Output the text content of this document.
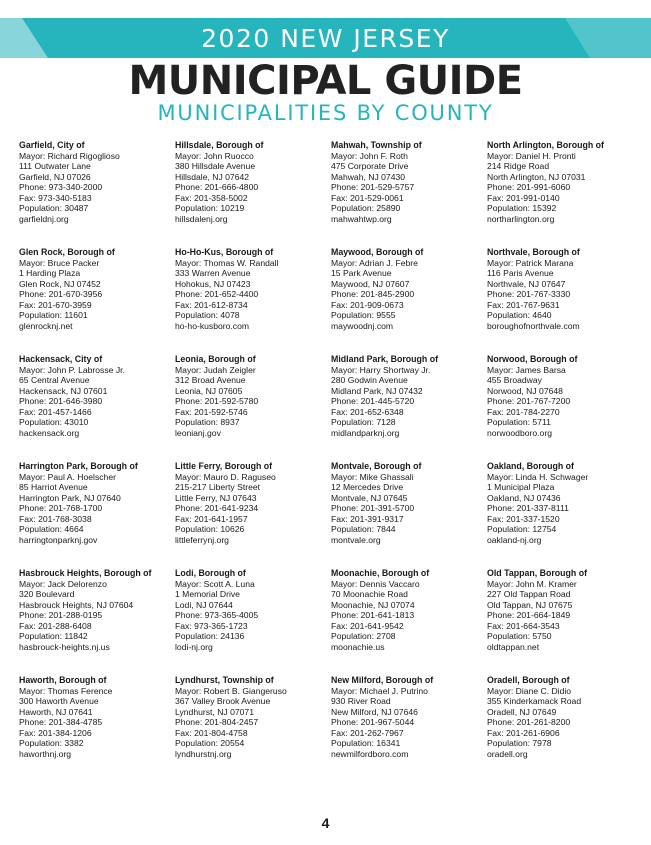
2020 NEW JERSEY
MUNICIPAL GUIDE
MUNICIPALITIES BY COUNTY
Garfield, City of
Mayor: Richard Rigoglioso
111 Outwater Lane
Garfield, NJ 07026
Phone: 973-340-2000
Fax: 973-340-5183
Population: 30487
garfieldnj.org
Hillsdale, Borough of
Mayor: John Ruocco
380 Hillsdale Avenue
Hillsdale, NJ 07642
Phone: 201-666-4800
Fax: 201-358-5002
Population: 10219
hillsdalenj.org
Mahwah, Township of
Mayor: John F. Roth
475 Corporate Drive
Mahwah, NJ 07430
Phone: 201-529-5757
Fax: 201-529-0061
Population: 25890
mahwahtwp.org
North Arlington, Borough of
Mayor: Daniel H. Pronti
214 Ridge Road
North Arlington, NJ 07031
Phone: 201-991-6060
Fax: 201-991-0140
Population: 15392
northarlington.org
Glen Rock, Borough of
Mayor: Bruce Packer
1 Harding Plaza
Glen Rock, NJ 07452
Phone: 201-670-3956
Fax: 201-670-3959
Population: 11601
glenrocknj.net
Ho-Ho-Kus, Borough of
Mayor: Thomas W. Randall
333 Warren Avenue
Hohokus, NJ 07423
Phone: 201-652-4400
Fax: 201-612-8734
Population: 4078
ho-ho-kusboro.com
Maywood, Borough of
Mayor: Adrian J. Febre
15 Park Avenue
Maywood, NJ 07607
Phone: 201-845-2900
Fax: 201-909-0673
Population: 9555
maywoodnj.com
Northvale, Borough of
Mayor: Patrick Marana
116 Paris Avenue
Northvale, NJ 07647
Phone: 201-767-3330
Fax: 201-767-9631
Population: 4640
boroughofnorthvale.com
Hackensack, City of
Mayor: John P. Labrosse Jr.
65 Central Avenue
Hackensack, NJ 07601
Phone: 201-646-3980
Fax: 201-457-1466
Population: 43010
hackensack.org
Leonia, Borough of
Mayor: Judah Zeigler
312 Broad Avenue
Leonia, NJ 07605
Phone: 201-592-5780
Fax: 201-592-5746
Population: 8937
leonianj.gov
Midland Park, Borough of
Mayor: Harry Shortway Jr.
280 Godwin Avenue
Midland Park, NJ 07432
Phone: 201-445-5720
Fax: 201-652-6348
Population: 7128
midlandparknj.org
Norwood, Borough of
Mayor: James Barsa
455 Broadway
Norwood, NJ 07648
Phone: 201-767-7200
Fax: 201-784-2270
Population: 5711
norwoodboro.org
Harrington Park, Borough of
Mayor: Paul A. Hoelscher
85 Harriot Avenue
Harrington Park, NJ 07640
Phone: 201-768-1700
Fax: 201-768-3038
Population: 4664
harringtonparknj.gov
Little Ferry, Borough of
Mayor: Mauro D. Raguseo
215-217 Liberty Street
Little Ferry, NJ 07643
Phone: 201-641-9234
Fax: 201-641-1957
Population: 10626
littleferrynj.org
Montvale, Borough of
Mayor: Mike Ghassali
12 Mercedes Drive
Montvale, NJ 07645
Phone: 201-391-5700
Fax: 201-391-9317
Population: 7844
montvale.org
Oakland, Borough of
Mayor: Linda H. Schwager
1 Municipal Plaza
Oakland, NJ 07436
Phone: 201-337-8111
Fax: 201-337-1520
Population: 12754
oakland-nj.org
Hasbrouck Heights, Borough of
Mayor: Jack Delorenzo
320 Boulevard
Hasbrouck Heights, NJ 07604
Phone: 201-288-0195
Fax: 201-288-6408
Population: 11842
hasbrouck-heights.nj.us
Lodi, Borough of
Mayor: Scott A. Luna
1 Memorial Drive
Lodi, NJ 07644
Phone: 973-365-4005
Fax: 973-365-1723
Population: 24136
lodi-nj.org
Moonachie, Borough of
Mayor: Dennis Vaccaro
70 Moonachie Road
Moonachie, NJ 07074
Phone: 201-641-1813
Fax: 201-641-9542
Population: 2708
moonachie.us
Old Tappan, Borough of
Mayor: John M. Kramer
227 Old Tappan Road
Old Tappan, NJ 07675
Phone: 201-664-1849
Fax: 201-664-3543
Population: 5750
oldtappan.net
Haworth, Borough of
Mayor: Thomas Ference
300 Haworth Avenue
Haworth, NJ 07641
Phone: 201-384-4785
Fax: 201-384-1206
Population: 3382
haworthnj.org
Lyndhurst, Township of
Mayor: Robert B. Giangeruso
367 Valley Brook Avenue
Lyndhurst, NJ 07071
Phone: 201-804-2457
Fax: 201-804-4758
Population: 20554
lyndhurstnj.org
New Milford, Borough of
Mayor: Michael J. Putrino
930 River Road
New Milford, NJ 07646
Phone: 201-967-5044
Fax: 201-262-7967
Population: 16341
newmilfordboro.com
Oradell, Borough of
Mayor: Diane C. Didio
355 Kinderkamack Road
Oradell, NJ 07649
Phone: 201-261-8200
Fax: 201-261-6906
Population: 7978
oradell.org
4
